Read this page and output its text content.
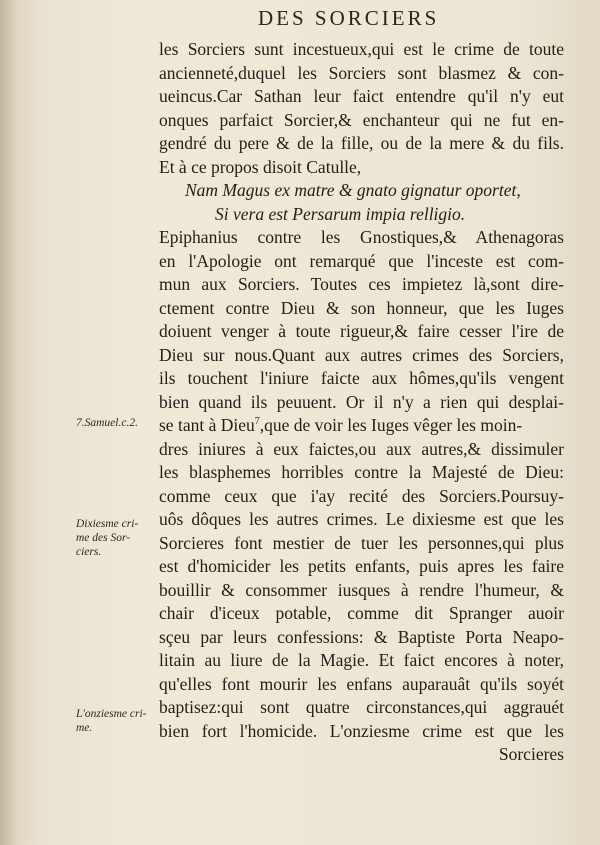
DES SORCIERS
les Sorciers sunt incestueux,qui est le crime de toute
ancienneté,duquel les Sorciers sont blasmez & con-
ueincus.Car Sathan leur faict entendre qu'il n'y eut
onques parfaict Sorcier,& enchanteur qui ne fut en-
gendré du pere & de la fille, ou de la mere & du fils.
Et à ce propos disoit Catulle,
Nam Magus ex matre & gnato gignatur oportet,
Si vera est Persarum impia relligio.
Epiphanius contre les Gnostiques,& Athenagoras
en l'Apologie ont remarqué que l'inceste est com-
mun aux Sorciers. Toutes ces impietez là,sont dire-
ctement contre Dieu & son honneur, que les Iuges
doiuent venger à toute rigueur,& faire cesser l'ire de
Dieu sur nous.Quant aux autres crimes des Sorciers,
ils touchent l'iniure faicte aux hômes,qu'ils vengent
bien quand ils peuuent. Or il n'y a rien qui desplai-
se tant à Dieu$^7$,que de voir les Iuges vêger les moin-
dres iniures à eux faictes,ou aux autres,& dissimuler
les blasphemes horribles contre la Majesté de Dieu:
comme ceux que i'ay recité des Sorciers.Poursuy-
uôs dôques les autres crimes. Le dixiesme est que les
Sorcieres font mestier de tuer les personnes,qui plus
est d'homicider les petits enfants, puis apres les faire
bouillir & consommer iusques à rendre l'humeur, &
chair d'iceux potable, comme dit Spranger auoir
sçeu par leurs confessions: & Baptiste Porta Neapo-
litain au liure de la Magie. Et faict encores à noter,
qu'elles font mourir les enfans auparauât qu'ils soyét
baptisez:qui sont quatre circonstances,qui aggrauét
bien fort l'homicide. L'onziesme crime est que les
Sorcieres
7.Samuel.c.2.
Dixiesme cri-
me des Sor-
ciers.
L'onziesme cri-
me.
